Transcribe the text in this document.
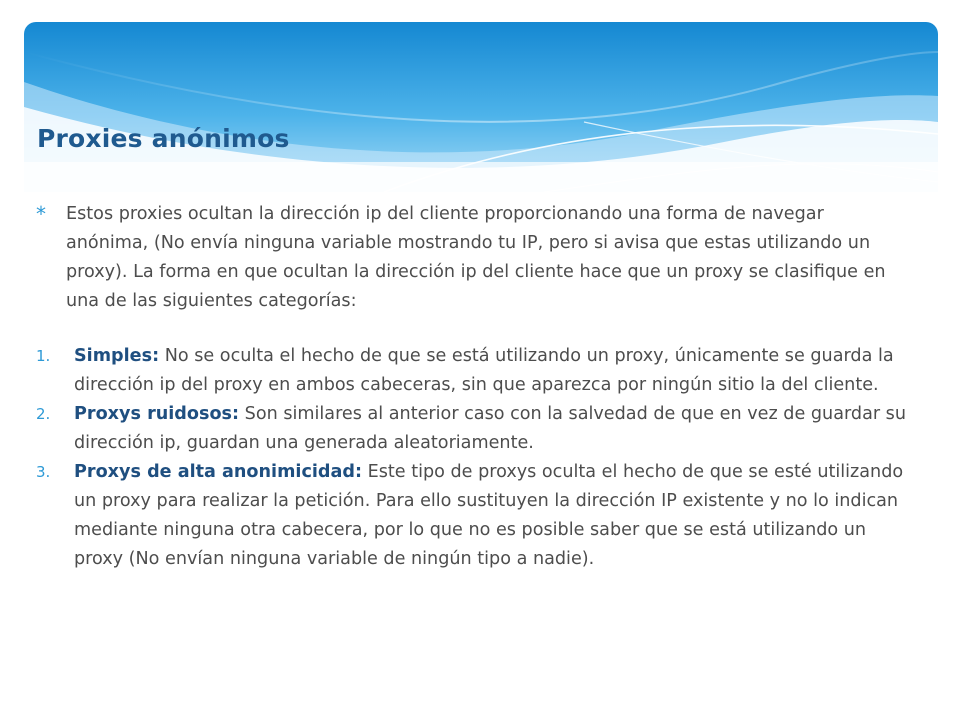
Proxies anónimos
* Estos proxies ocultan la dirección ip del cliente proporcionando una forma de navegar anónima, (No envía ninguna variable mostrando tu IP, pero si avisa que estas utilizando un proxy). La forma en que ocultan la dirección ip del cliente hace que un proxy se clasifique en una de las siguientes categorías:
1. Simples: No se oculta el hecho de que se está utilizando un proxy, únicamente se guarda la dirección ip del proxy en ambos cabeceras, sin que aparezca por ningún sitio la del cliente.
2. Proxys ruidosos: Son similares al anterior caso con la salvedad de que en vez de guardar su dirección ip, guardan una generada aleatoriamente.
3. Proxys de alta anonimicidad: Este tipo de proxys oculta el hecho de que se esté utilizando un proxy para realizar la petición. Para ello sustituyen la dirección IP existente y no lo indican mediante ninguna otra cabecera, por lo que no es posible saber que se está utilizando un proxy (No envían ninguna variable de ningún tipo a nadie).
